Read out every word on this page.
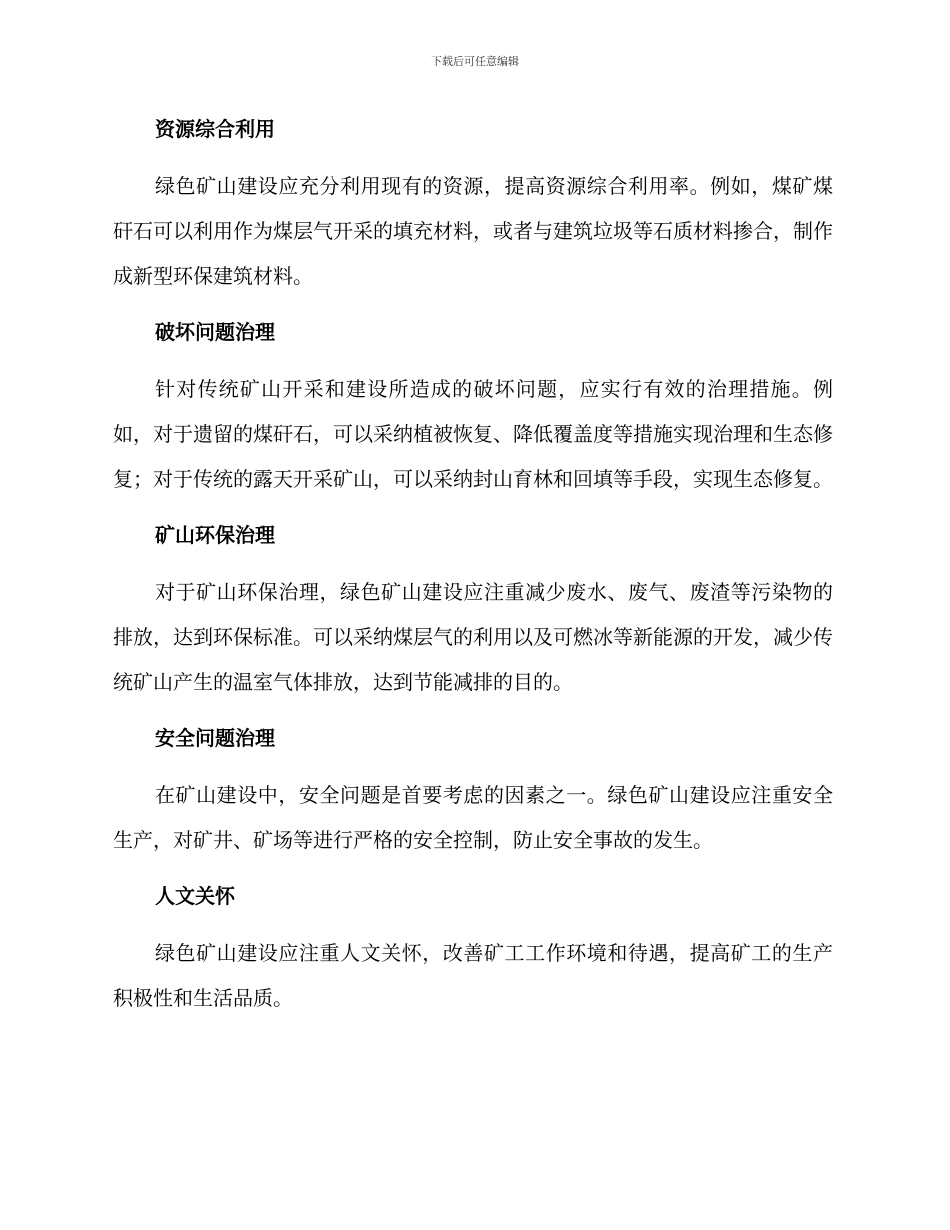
下载后可任意编辑
资源综合利用

绿色矿山建设应充分利用现有的资源，提高资源综合利用率。例如，煤矿煤矸石可以利用作为煤层气开采的填充材料，或者与建筑垃圾等石质材料掺合，制作成新型环保建筑材料。

破坏问题治理

针对传统矿山开采和建设所造成的破坏问题，应实行有效的治理措施。例如，对于遗留的煤矸石，可以采纳植被恢复、降低覆盖度等措施实现治理和生态修复；对于传统的露天开采矿山，可以采纳封山育林和回填等手段，实现生态修复。

矿山环保治理

对于矿山环保治理，绿色矿山建设应注重减少废水、废气、废渣等污染物的排放，达到环保标准。可以采纳煤层气的利用以及可燃冰等新能源的开发，减少传统矿山产生的温室气体排放，达到节能减排的目的。

安全问题治理

在矿山建设中，安全问题是首要考虑的因素之一。绿色矿山建设应注重安全生产，对矿井、矿场等进行严格的安全控制，防止安全事故的发生。

人文关怀

绿色矿山建设应注重人文关怀，改善矿工工作环境和待遇，提高矿工的生产积极性和生活品质。
